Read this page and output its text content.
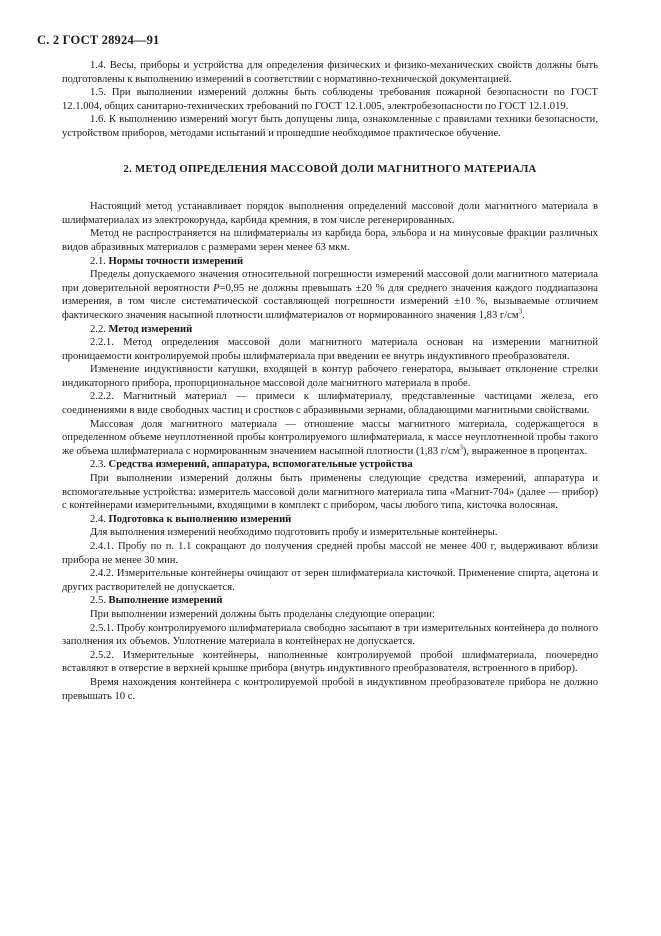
С. 2 ГОСТ 28924—91

1.4. Весы, приборы и устройства для определения физических и физико-механических свойств должны быть подготовлены к выполнению измерений в соответствии с нормативно-технической документацией.

1.5. При выполнении измерений должны быть соблюдены требования пожарной безопасности по ГОСТ 12.1.004, общих санитарно-технических требований по ГОСТ 12.1.005, электробезопасности по ГОСТ 12.1.019.

1.6. К выполнению измерений могут быть допущены лица, ознакомленные с правилами техники безопасности, устройством приборов, методами испытаний и прошедшие необходимое практическое обучение.

2. МЕТОД ОПРЕДЕЛЕНИЯ МАССОВОЙ ДОЛИ МАГНИТНОГО МАТЕРИАЛА

Настоящий метод устанавливает порядок выполнения определений массовой доли магнитного материала в шлифматериалах из электрокорунда, карбида кремния, в том числе регенерированных.

Метод не распространяется на шлифматериалы из карбида бора, эльбора и на минусовые фракции различных видов абразивных материалов с размерами зерен менее 63 мкм.

2.1. Нормы точности измерений

Пределы допускаемого значения относительной погрешности измерений массовой доли магнитного материала при доверительной вероятности P=0,95 не должны превышать ±20 % для среднего значения каждого поддиапазона измерения, в том числе систематической составляющей погрешности измерений ±10 %, вызываемые отличием фактического значения насыпной плотности шлифматериалов от нормированного значения 1,83 $г/см^3$.

2.2. Метод измерений

2.2.1. Метод определения массовой доли магнитного материала основан на измерении магнитной проницаемости контролируемой пробы шлифматериала при введении ее внутрь индуктивного преобразователя.

Изменение индуктивности катушки, входящей в контур рабочего генератора, вызывает отклонение стрелки индикаторного прибора, пропорциональное массовой доле магнитного материала в пробе.

2.2.2. Магнитный материал — примеси к шлифматериалу, представленные частицами железа, его соединениями в виде свободных частиц и сростков с абразивными зернами, обладающими магнитными свойствами.

Массовая доля магнитного материала — отношение массы магнитного материала, содержащегося в определенном объеме неуплотненной пробы контролируемого шлифматериала, к массе неуплотненной пробы такого же объема шлифматериала с нормированным значением насыпной плотности (1,83 $г/см^3$), выраженное в процентах.

2.3. Средства измерений, аппаратура, вспомогательные устройства

При выполнении измерений должны быть применены следующие средства измерений, аппаратура и вспомогательные устройства: измеритель массовой доли магнитного материала типа «Магнит-704» (далее — прибор) с контейнерами измерительными, входящими в комплект с прибором, часы любого типа, кисточка волосяная.

2.4. Подготовка к выполнению измерений

Для выполнения измерений необходимо подготовить пробу и измерительные контейнеры.

2.4.1. Пробу по п. 1.1 сокращают до получения средней пробы массой не менее 400 г, выдерживают вблизи прибора не менее 30 мин.

2.4.2. Измерительные контейнеры очищают от зерен шлифматериала кисточкой. Применение спирта, ацетона и других растворителей не допускается.

2.5. Выполнение измерений

При выполнении измерений должны быть проделаны следующие операции:

2.5.1. Пробу контролируемого шлифматериала свободно засыпают в три измерительных контейнера до полного заполнения их объемов. Уплотнение материала в контейнерах не допускается.

2.5.2. Измерительные контейнеры, наполненные контролируемой пробой шлифматериала, поочередно вставляют в отверстие в верхней крышке прибора (внутрь индуктивного преобразователя, встроенного в прибор).

Время нахождения контейнера с контролируемой пробой в индуктивном преобразователе прибора не должно превышать 10 с.
